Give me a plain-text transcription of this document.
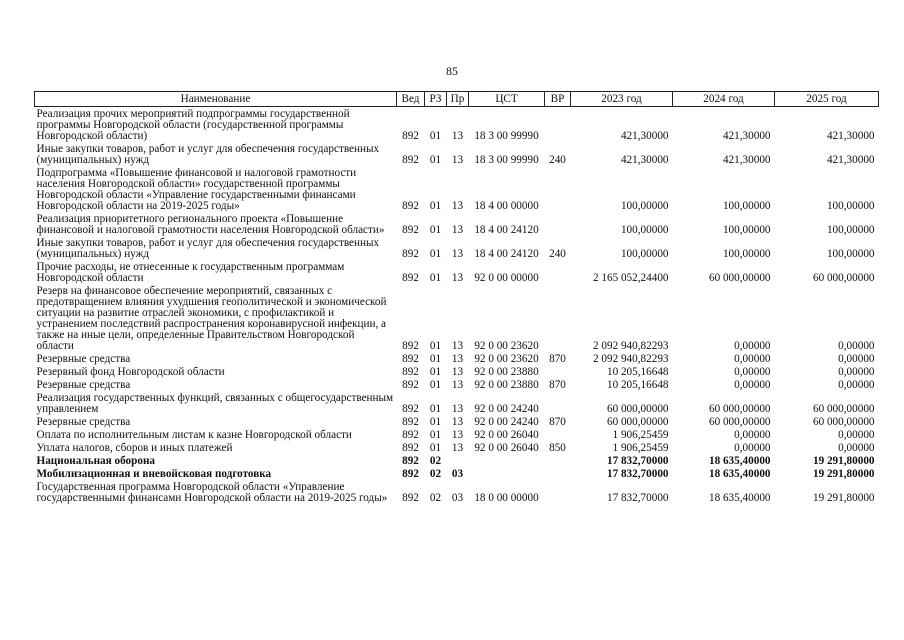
85
Наименование	Вед	РЗ	Пр	ЦСТ	ВР	2023 год	2024 год	2025 год
Реализация прочих мероприятий подпрограммы государственной программы Новгородской области (государственной программы Новгородской области)	892	01	13	18 3 00 99990		421,30000	421,30000	421,30000
Иные закупки товаров, работ и услуг для обеспечения государственных (муниципальных) нужд	892	01	13	18 3 00 99990	240	421,30000	421,30000	421,30000
Подпрограмма «Повышение финансовой и налоговой грамотности населения Новгородской области» государственной программы Новгородской области «Управление государственными финансами Новгородской области на 2019-2025 годы»	892	01	13	18 4 00 00000		100,00000	100,00000	100,00000
Реализация приоритетного регионального проекта «Повышение финансовой и налоговой грамотности населения Новгородской области»	892	01	13	18 4 00 24120		100,00000	100,00000	100,00000
Иные закупки товаров, работ и услуг для обеспечения государственных (муниципальных) нужд	892	01	13	18 4 00 24120	240	100,00000	100,00000	100,00000
Прочие расходы, не отнесенные к государственным программам Новгородской области	892	01	13	92 0 00 00000		2 165 052,24400	60 000,00000	60 000,00000
Резерв на финансовое обеспечение мероприятий, связанных с предотвращением влияния ухудшения геополитической и экономической ситуации на развитие отраслей экономики, с профилактикой и устранением последствий распространения коронавирусной инфекции, а также на иные цели, определенные Правительством Новгородской области	892	01	13	92 0 00 23620		2 092 940,82293	0,00000	0,00000
Резервные средства	892	01	13	92 0 00 23620	870	2 092 940,82293	0,00000	0,00000
Резервный фонд Новгородской области	892	01	13	92 0 00 23880		10 205,16648	0,00000	0,00000
Резервные средства	892	01	13	92 0 00 23880	870	10 205,16648	0,00000	0,00000
Реализация государственных функций, связанных с общегосударственным управлением	892	01	13	92 0 00 24240		60 000,00000	60 000,00000	60 000,00000
Резервные средства	892	01	13	92 0 00 24240	870	60 000,00000	60 000,00000	60 000,00000
Оплата по исполнительным листам к казне Новгородской области	892	01	13	92 0 00 26040		1 906,25459	0,00000	0,00000
Уплата налогов, сборов и иных платежей	892	01	13	92 0 00 26040	850	1 906,25459	0,00000	0,00000
Национальная оборона	892	02				17 832,70000	18 635,40000	19 291,80000
Мобилизационная и вневойсковая подготовка	892	02	03			17 832,70000	18 635,40000	19 291,80000
Государственная программа Новгородской области «Управление государственными финансами Новгородской области на 2019-2025 годы»	892	02	03	18 0 00 00000		17 832,70000	18 635,40000	19 291,80000
